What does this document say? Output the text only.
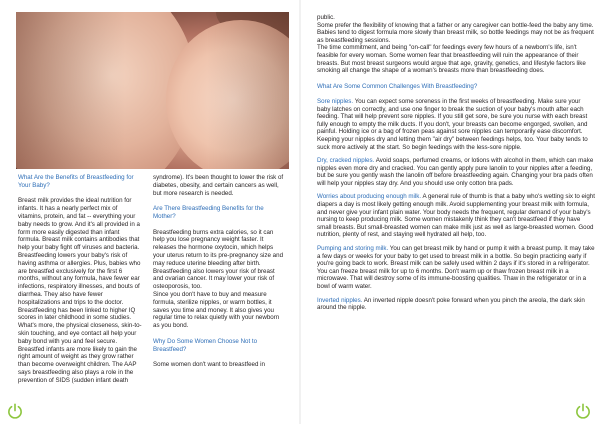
What Are the Benefits of Breastfeeding for Your Baby?

Breast milk provides the ideal nutrition for infants. It has a nearly perfect mix of vitamins, protein, and fat -- everything your baby needs to grow. And it's all provided in a form more easily digested than infant formula. Breast milk contains antibodies that help your baby fight off viruses and bacteria. Breastfeeding lowers your baby's risk of having asthma or allergies. Plus, babies who are breastfed exclusively for the first 6 months, without any formula, have fewer ear infections, respiratory illnesses, and bouts of diarrhea. They also have fewer hospitalizations and trips to the doctor. Breastfeeding has been linked to higher IQ scores in later childhood in some studies. What's more, the physical closeness, skin-to-skin touching, and eye contact all help your baby bond with you and feel secure. Breastfed infants are more likely to gain the right amount of weight as they grow rather than become overweight children. The AAP says breastfeeding also plays a role in the prevention of SIDS (sudden infant death

syndrome). It's been thought to lower the risk of diabetes, obesity, and certain cancers as well, but more research is needed.

Are There Breastfeeding Benefits for the Mother?

Breastfeeding burns extra calories, so it can help you lose pregnancy weight faster. It releases the hormone oxytocin, which helps your uterus return to its pre-pregnancy size and may reduce uterine bleeding after birth. Breastfeeding also lowers your risk of breast and ovarian cancer. It may lower your risk of osteoporosis, too.

Since you don't have to buy and measure formula, sterilize nipples, or warm bottles, it saves you time and money. It also gives you regular time to relax quietly with your newborn as you bond.

Why Do Some Women Choose Not to Breastfeed?

Some women don't want to breastfeed in

public.

Some prefer the flexibility of knowing that a father or any caregiver can bottle-feed the baby any time.

Babies tend to digest formula more slowly than breast milk, so bottle feedings may not be as frequent as breastfeeding sessions.

The time commitment, and being "on-call" for feedings every few hours of a newborn's life, isn't feasible for every woman. Some women fear that breastfeeding will ruin the appearance of their breasts. But most breast surgeons would argue that age, gravity, genetics, and lifestyle factors like smoking all change the shape of a woman's breasts more than breastfeeding does.

What Are Some Common Challenges With Breastfeeding?

Sore nipples. You can expect some soreness in the first weeks of breastfeeding. Make sure your baby latches on correctly, and use one finger to break the suction of your baby's mouth after each feeding. That will help prevent sore nipples. If you still get sore, be sure you nurse with each breast fully enough to empty the milk ducts. If you don't, your breasts can become engorged, swollen, and painful. Holding ice or a bag of frozen peas against sore nipples can temporarily ease discomfort. Keeping your nipples dry and letting them "air dry" between feedings helps, too. Your baby tends to suck more actively at the start. So begin feedings with the less-sore nipple.

Dry, cracked nipples. Avoid soaps, perfumed creams, or lotions with alcohol in them, which can make nipples even more dry and cracked. You can gently apply pure lanolin to your nipples after a feeding, but be sure you gently wash the lanolin off before breastfeeding again. Changing your bra pads often will help your nipples stay dry. And you should use only cotton bra pads.

Worries about producing enough milk. A general rule of thumb is that a baby who's wetting six to eight diapers a day is most likely getting enough milk. Avoid supplementing your breast milk with formula, and never give your infant plain water. Your body needs the frequent, regular demand of your baby's nursing to keep producing milk. Some women mistakenly think they can't breastfeed if they have small breasts. But small-breasted women can make milk just as well as large-breasted women. Good nutrition, plenty of rest, and staying well hydrated all help, too.

Pumping and storing milk. You can get breast milk by hand or pump it with a breast pump. It may take a few days or weeks for your baby to get used to breast milk in a bottle. So begin practicing early if you're going back to work. Breast milk can be safely used within 2 days if it's stored in a refrigerator. You can freeze breast milk for up to 6 months. Don't warm up or thaw frozen breast milk in a microwave. That will destroy some of its immune-boosting qualities. Thaw in the refrigerator or in a bowl of warm water.

Inverted nipples. An inverted nipple doesn't poke forward when you pinch the areola, the dark skin around the nipple.
